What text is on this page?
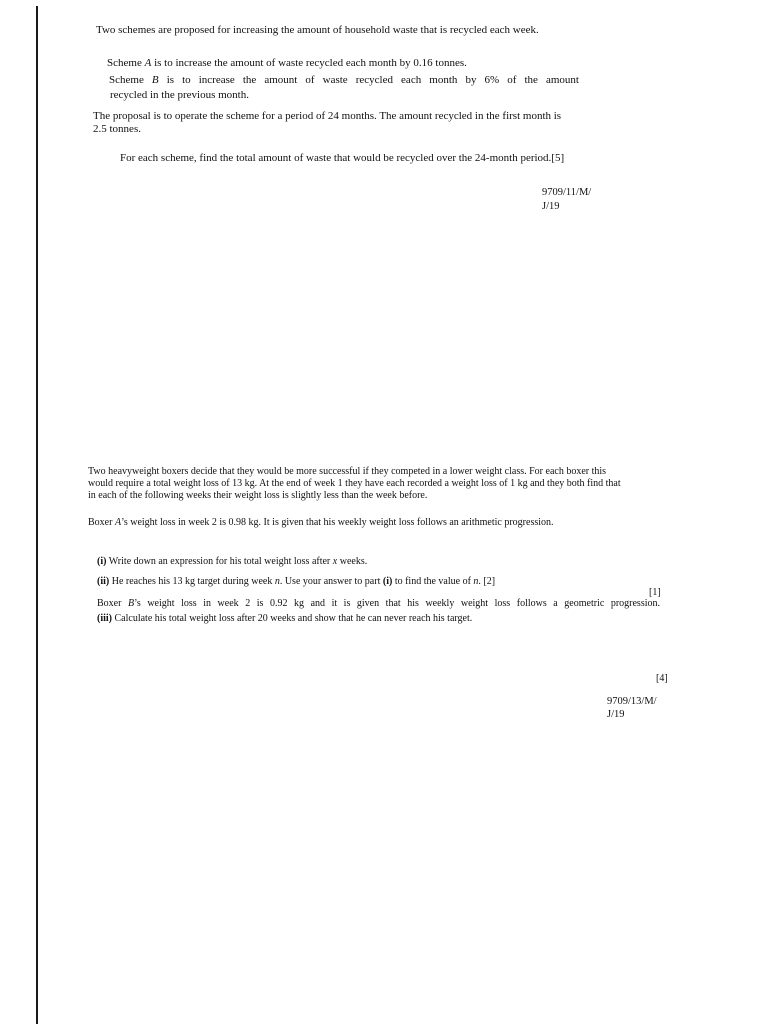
Two schemes are proposed for increasing the amount of household waste that is recycled each week.

Scheme A is to increase the amount of waste recycled each month by 0.16 tonnes.

Scheme B is to increase the amount of waste recycled each month by 6% of the amount

recycled in the previous month.

The proposal is to operate the scheme for a period of 24 months. The amount recycled in the first month is

2.5 tonnes.

For each scheme, find the total amount of waste that would be recycled over the 24-month period.[5]

9709/11/M/

J/19

Two heavyweight boxers decide that they would be more successful if they competed in a lower weight class. For each boxer this

would require a total weight loss of 13 kg. At the end of week 1 they have each recorded a weight loss of 1 kg and they both find that

in each of the following weeks their weight loss is slightly less than the week before.

Boxer A’s weight loss in week 2 is 0.98 kg. It is given that his weekly weight loss follows an arithmetic progression.

(i) Write down an expression for his total weight loss after x weeks.

(ii) He reaches his 13 kg target during week n. Use your answer to part (i) to find the value of n. [2]

[1]

Boxer B’s weight loss in week 2 is 0.92 kg and it is given that his weekly weight loss follows a geometric progression.

(iii) Calculate his total weight loss after 20 weeks and show that he can never reach his target.

[4]

9709/13/M/

J/19
